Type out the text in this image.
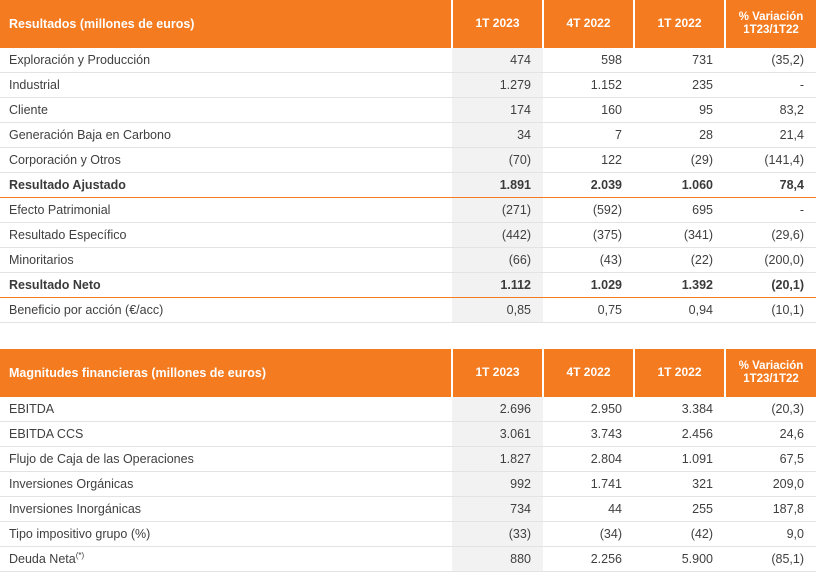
Resultados (millones de euros)	1T 2023	4T 2022	1T 2022	% Variación
1T23/1T22

Exploración y Producción	474	598	731	(35,2)
Industrial	1.279	1.152	235	-
Cliente	174	160	95	83,2
Generación Baja en Carbono	34	7	28	21,4
Corporación y Otros	(70)	122	(29)	(141,4)
Resultado Ajustado	1.891	2.039	1.060	78,4
Efecto Patrimonial	(271)	(592)	695	-
Resultado Específico	(442)	(375)	(341)	(29,6)
Minoritarios	(66)	(43)	(22)	(200,0)
Resultado Neto	1.112	1.029	1.392	(20,1)
Beneficio por acción (€/acc)	0,85	0,75	0,94	(10,1)
Magnitudes financieras (millones de euros)	1T 2023	4T 2022	1T 2022	% Variación
1T23/1T22

EBITDA	2.696	2.950	3.384	(20,3)
EBITDA CCS	3.061	3.743	2.456	24,6
Flujo de Caja de las Operaciones	1.827	2.804	1.091	67,5
Inversiones Orgánicas	992	1.741	321	209,0
Inversiones Inorgánicas	734	44	255	187,8
Tipo impositivo grupo (%)	(33)	(34)	(42)	9,0
Deuda Neta(*)	880	2.256	5.900	(85,1)
